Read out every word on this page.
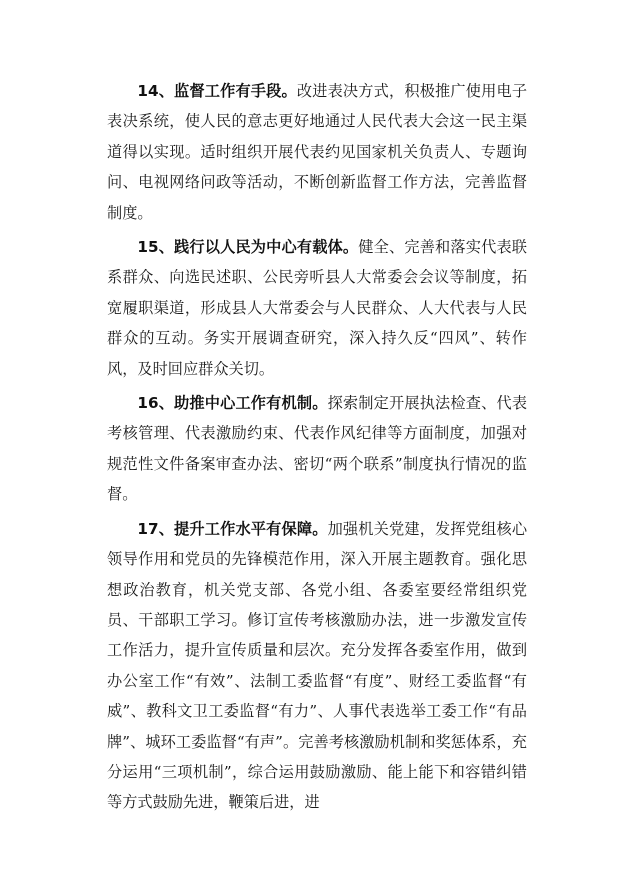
14、监督工作有手段。改进表决方式，积极推广使用电子表决系统，使人民的意志更好地通过人民代表大会这一民主渠道得以实现。适时组织开展代表约见国家机关负责人、专题询问、电视网络问政等活动，不断创新监督工作方法，完善监督制度。

15、践行以人民为中心有载体。健全、完善和落实代表联系群众、向选民述职、公民旁听县人大常委会会议等制度，拓宽履职渠道，形成县人大常委会与人民群众、人大代表与人民群众的互动。务实开展调查研究，深入持久反“四风”、转作风，及时回应群众关切。

16、助推中心工作有机制。探索制定开展执法检查、代表考核管理、代表激励约束、代表作风纪律等方面制度，加强对规范性文件备案审查办法、密切“两个联系”制度执行情况的监督。

17、提升工作水平有保障。加强机关党建，发挥党组核心领导作用和党员的先锋模范作用，深入开展主题教育。强化思想政治教育，机关党支部、各党小组、各委室要经常组织党员、干部职工学习。修订宣传考核激励办法，进一步激发宣传工作活力，提升宣传质量和层次。充分发挥各委室作用，做到办公室工作“有效”、法制工委监督“有度”、财经工委监督“有威”、教科文卫工委监督“有力”、人事代表选举工委工作“有品牌”、城环工委监督“有声”。完善考核激励机制和奖惩体系，充分运用“三项机制”，综合运用鼓励激励、能上能下和容错纠错等方式鼓励先进，鞭策后进，进
